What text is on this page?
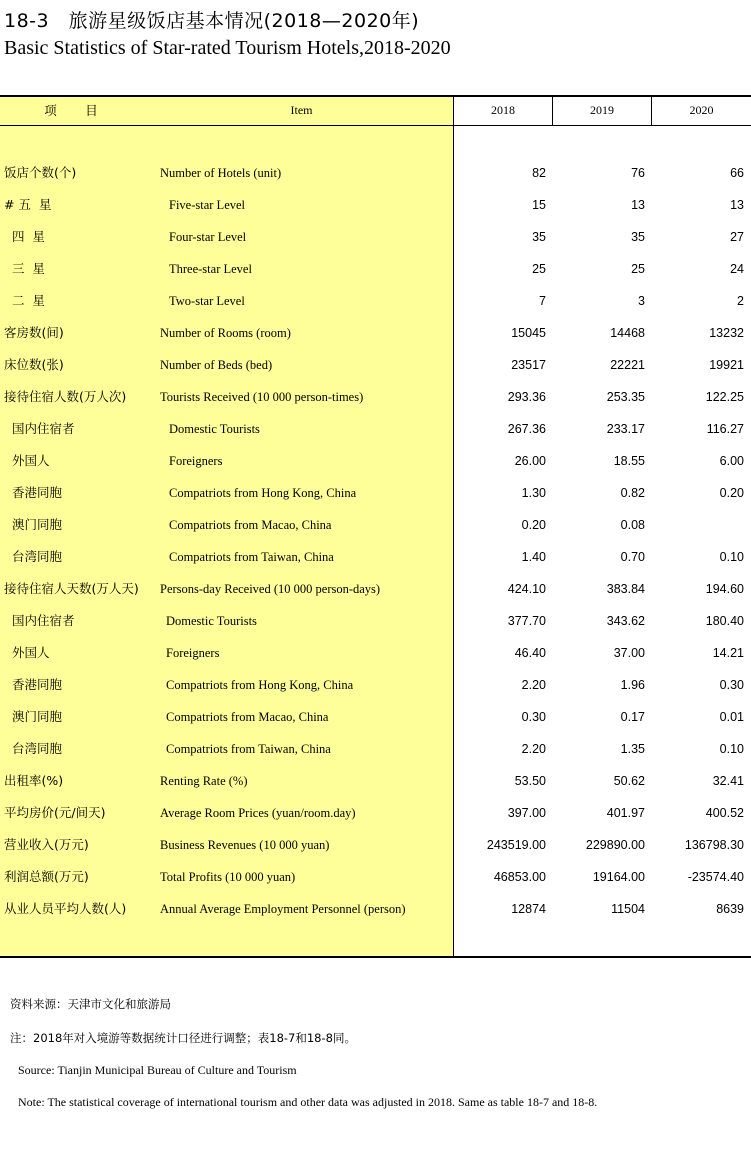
18-3　旅游星级饭店基本情况(2018—2020年)
Basic Statistics of Star-rated Tourism Hotels,2018-2020
项　目	Item	2018	2019	2020
饭店个数(个)	Number of Hotels (unit)	82	76	66
# 五  星	Five-star Level	15	13	13
四  星	Four-star Level	35	35	27
三  星	Three-star Level	25	25	24
二  星	Two-star Level	7	3	2
客房数(间)	Number of Rooms (room)	15045	14468	13232
床位数(张)	Number of Beds (bed)	23517	22221	19921
接待住宿人数(万人次)	Tourists Received (10 000 person-times)	293.36	253.35	122.25
国内住宿者	Domestic Tourists	267.36	233.17	116.27
外国人	Foreigners	26.00	18.55	6.00
香港同胞	Compatriots from Hong Kong, China	1.30	0.82	0.20
澳门同胞	Compatriots from Macao, China	0.20	0.08
台湾同胞	Compatriots from Taiwan, China	1.40	0.70	0.10
接待住宿人天数(万人天) Persons-day Received (10 000 person-days)	424.10	383.84	194.60
国内住宿者	Domestic Tourists	377.70	343.62	180.40
外国人	Foreigners	46.40	37.00	14.21
香港同胞	Compatriots from Hong Kong, China	2.20	1.96	0.30
澳门同胞	Compatriots from Macao, China	0.30	0.17	0.01
台湾同胞	Compatriots from Taiwan, China	2.20	1.35	0.10
出租率(%)	Renting Rate (%)	53.50	50.62	32.41
平均房价(元/间天)	Average Room Prices (yuan/room.day)	397.00	401.97	400.52
营业收入(万元)	Business Revenues (10 000 yuan)	243519.00	229890.00	136798.30
利润总额(万元)	Total Profits (10 000 yuan)	46853.00	19164.00	-23574.40
从业人员平均人数(人)	Annual Average Employment Personnel (person)	12874	11504	8639
资料来源：天津市文化和旅游局
注：2018年对入境游等数据统计口径进行调整；表18-7和18-8同。
Source: Tianjin Municipal Bureau of Culture and Tourism
Note: The statistical coverage of international tourism and other data was adjusted in 2018. Same as table 18-7 and 18-8.
